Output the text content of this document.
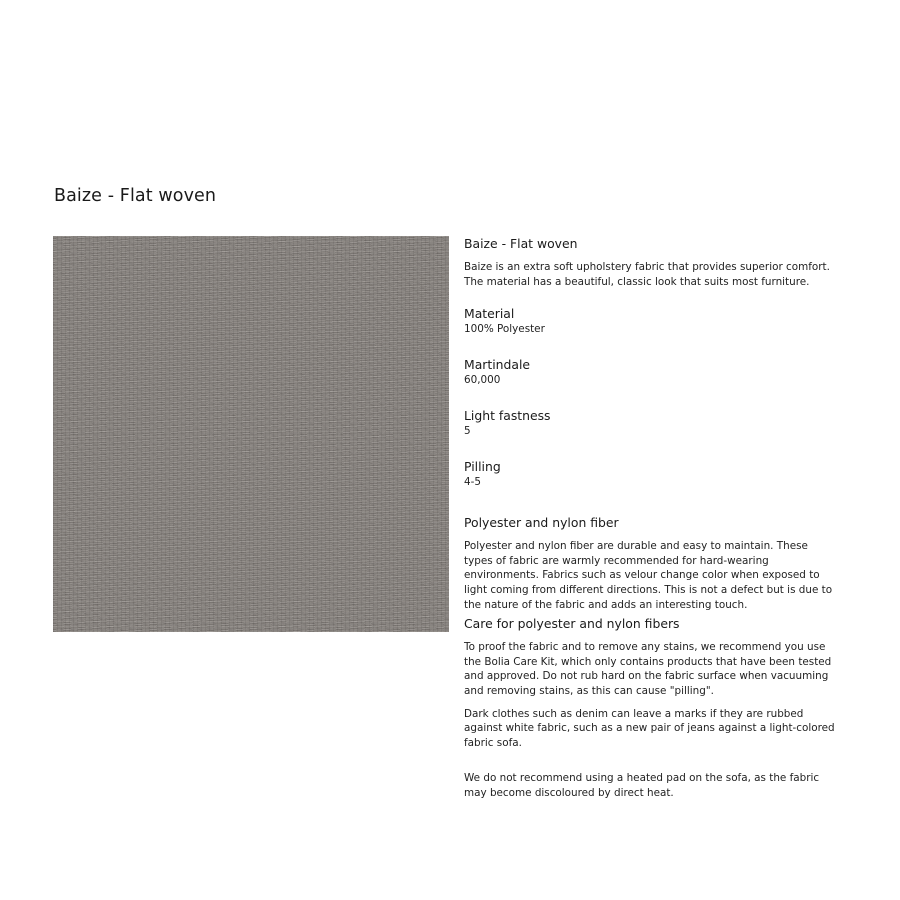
Baize - Flat woven
Baize - Flat woven

Baize is an extra soft upholstery fabric that provides superior comfort. The material has a beautiful, classic look that suits most furniture.

Material

100% Polyester

Martindale

60,000

Light fastness

5

Pilling

4-5

Polyester and nylon fiber

Polyester and nylon fiber are durable and easy to maintain. These types of fabric are warmly recommended for hard-wearing environments. Fabrics such as velour change color when exposed to light coming from different directions. This is not a defect but is due to the nature of the fabric and adds an interesting touch.

Care for polyester and nylon fibers

To proof the fabric and to remove any stains, we recommend you use the Bolia Care Kit, which only contains products that have been tested and approved. Do not rub hard on the fabric surface when vacuuming and removing stains, as this can cause "pilling".

Dark clothes such as denim can leave a marks if they are rubbed against white fabric, such as a new pair of jeans against a light-colored fabric sofa.

We do not recommend using a heated pad on the sofa, as the fabric may become discoloured by direct heat.
